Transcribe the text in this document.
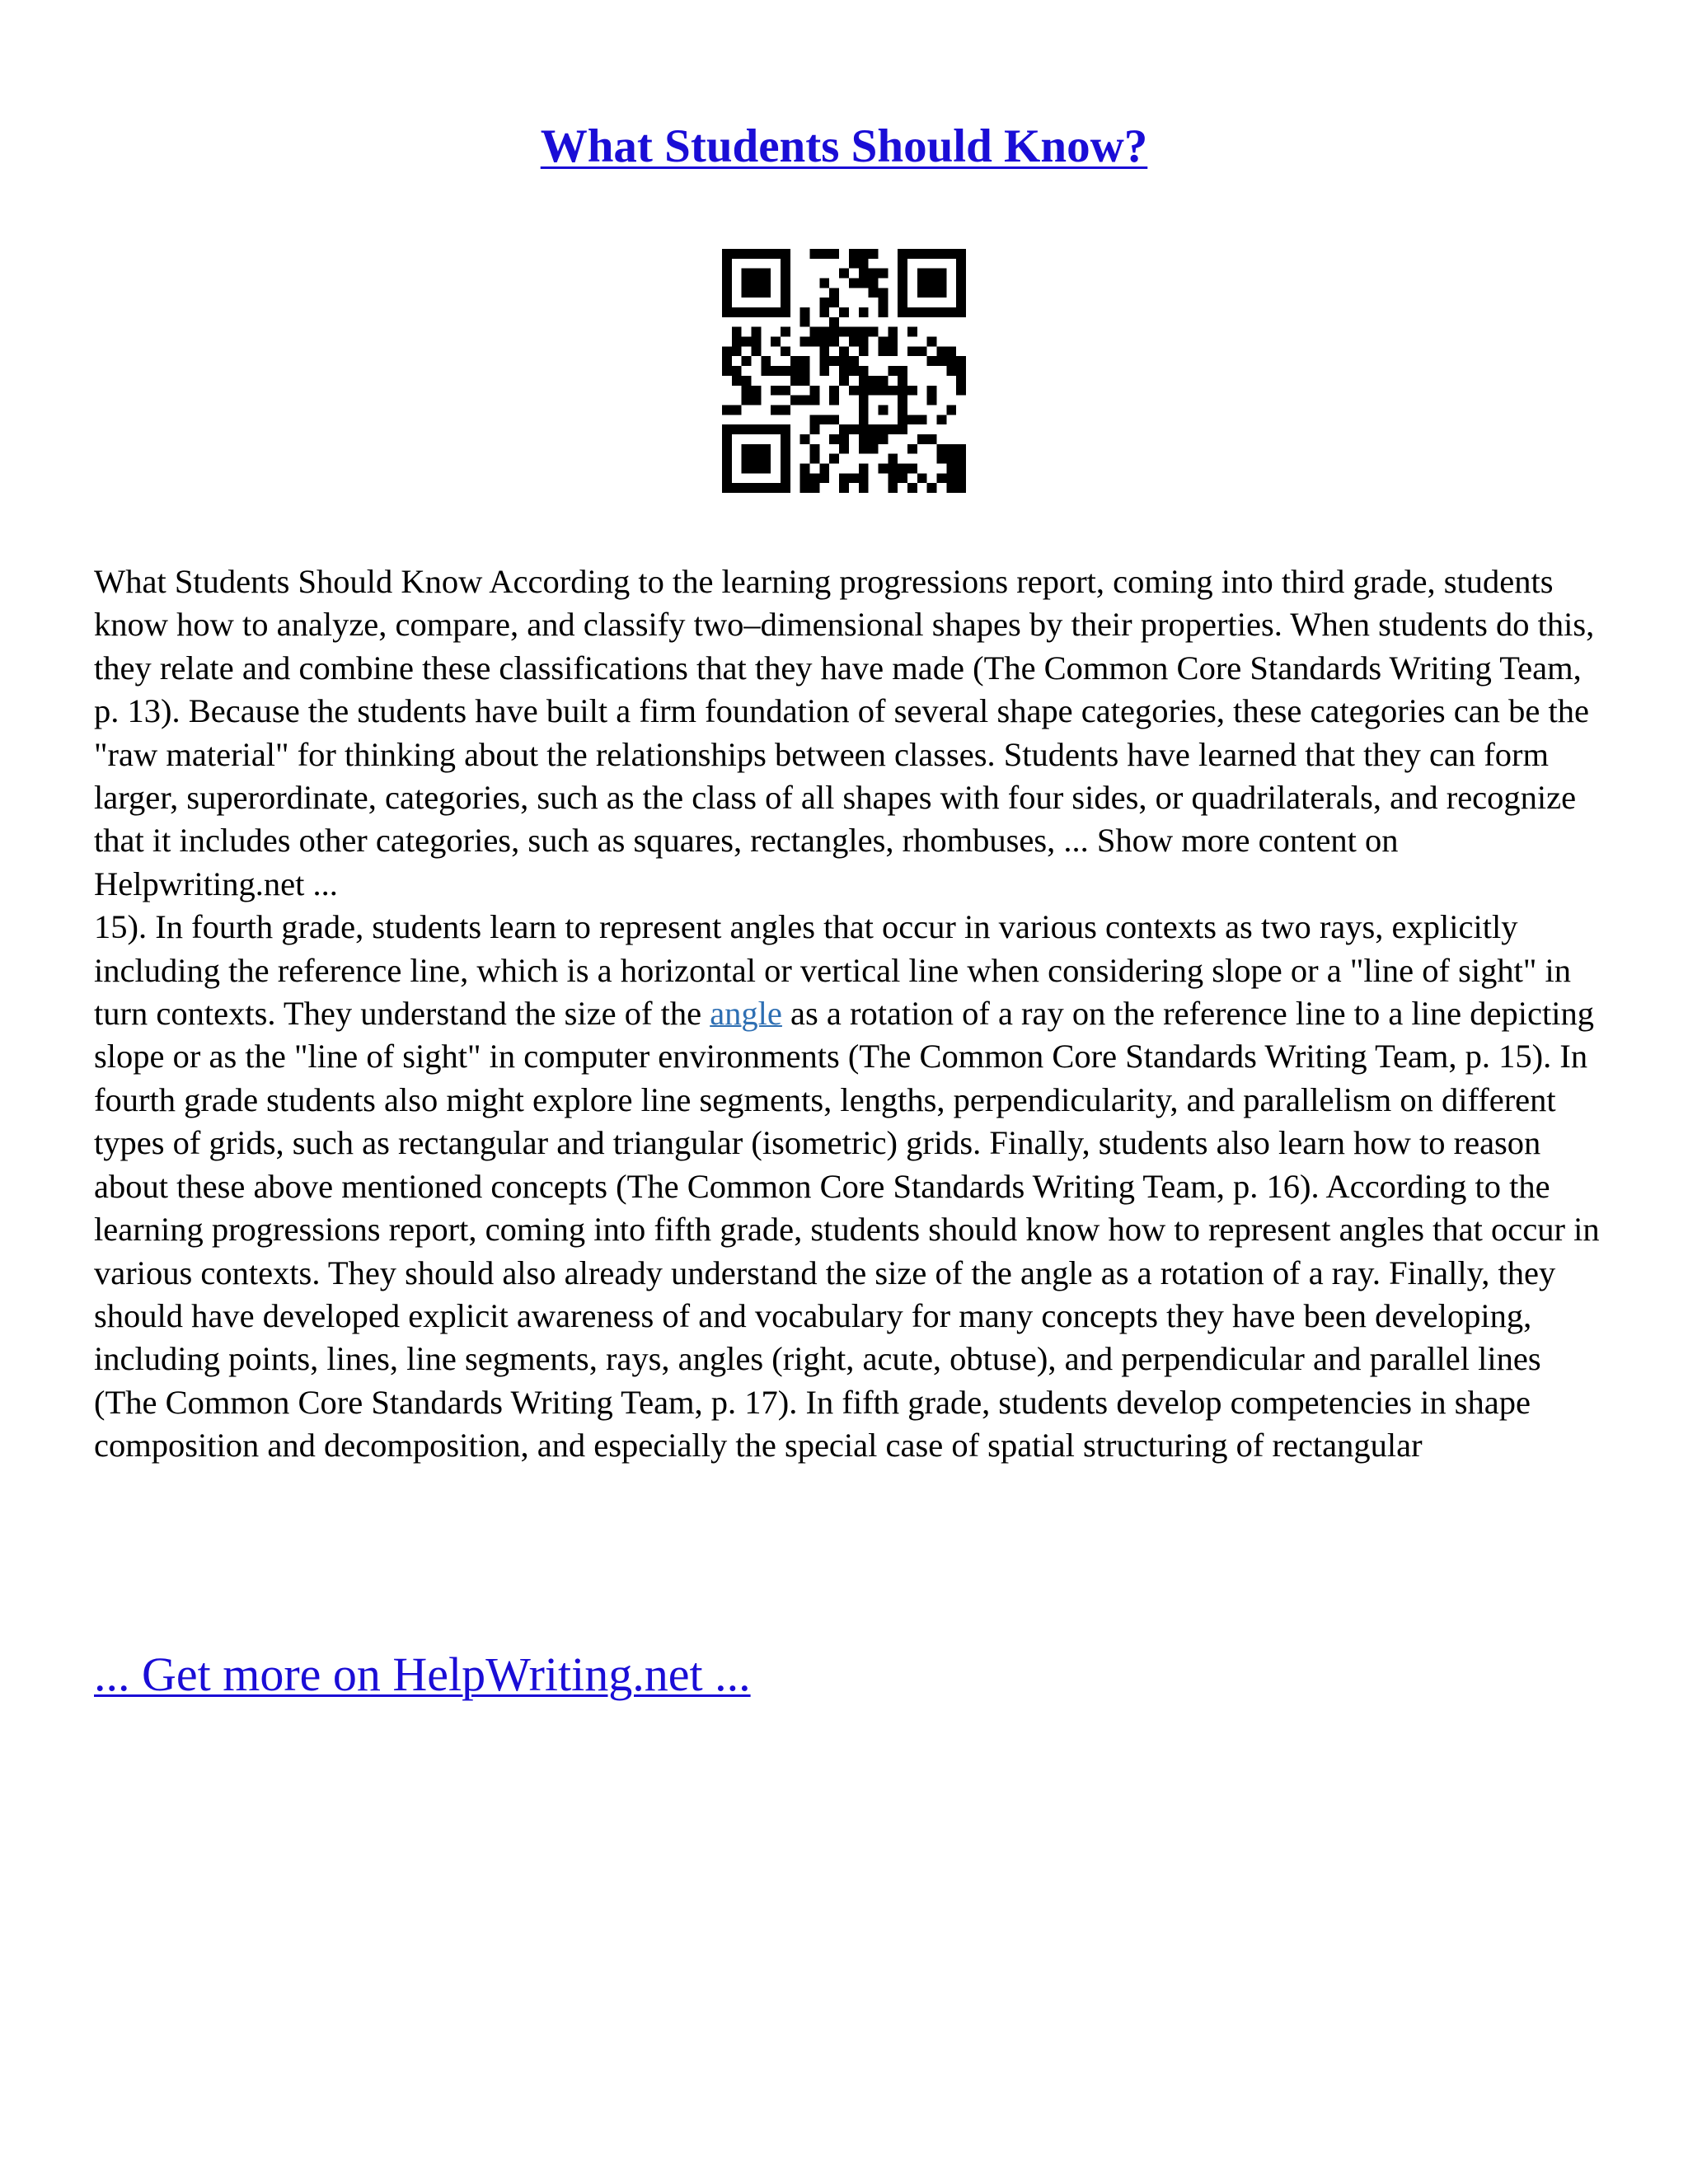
What Students Should Know?

What Students Should Know According to the learning progressions report, coming into third grade, students know how to analyze, compare, and classify two–dimensional shapes by their properties. When students do this, they relate and combine these classifications that they have made (The Common Core Standards Writing Team, p. 13). Because the students have built a firm foundation of several shape categories, these categories can be the "raw material" for thinking about the relationships between classes. Students have learned that they can form larger, superordinate, categories, such as the class of all shapes with four sides, or quadrilaterals, and recognize that it includes other categories, such as squares, rectangles, rhombuses, ... Show more content on Helpwriting.net ...

15). In fourth grade, students learn to represent angles that occur in various contexts as two rays, explicitly including the reference line, which is a horizontal or vertical line when considering slope or a "line of sight" in turn contexts. They understand the size of the angle as a rotation of a ray on the reference line to a line depicting slope or as the "line of sight" in computer environments (The Common Core Standards Writing Team, p. 15). In fourth grade students also might explore line segments, lengths, perpendicularity, and parallelism on different types of grids, such as rectangular and triangular (isometric) grids. Finally, students also learn how to reason about these above mentioned concepts (The Common Core Standards Writing Team, p. 16). According to the learning progressions report, coming into fifth grade, students should know how to represent angles that occur in various contexts. They should also already understand the size of the angle as a rotation of a ray. Finally, they should have developed explicit awareness of and vocabulary for many concepts they have been developing, including points, lines, line segments, rays, angles (right, acute, obtuse), and perpendicular and parallel lines (The Common Core Standards Writing Team, p. 17). In fifth grade, students develop competencies in shape composition and decomposition, and especially the special case of spatial structuring of rectangular

... Get more on HelpWriting.net ...
